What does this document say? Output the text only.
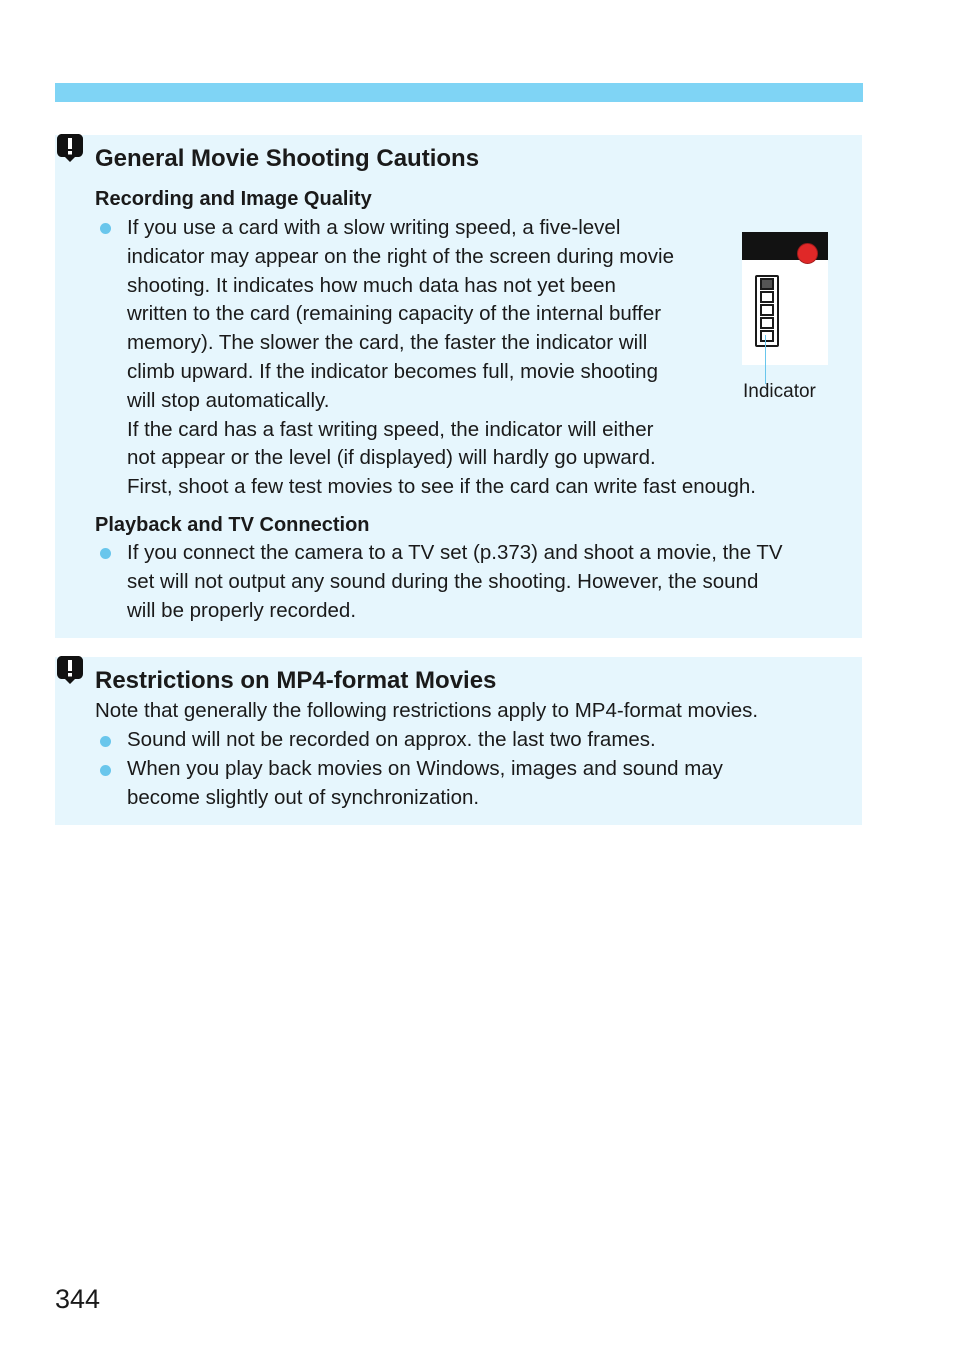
General Movie Shooting Cautions
Recording and Image Quality
If you use a card with a slow writing speed, a five-level
indicator may appear on the right of the screen during movie
shooting. It indicates how much data has not yet been
written to the card (remaining capacity of the internal buffer
memory). The slower the card, the faster the indicator will
climb upward. If the indicator becomes full, movie shooting
will stop automatically.
If the card has a fast writing speed, the indicator will either
not appear or the level (if displayed) will hardly go upward.
First, shoot a few test movies to see if the card can write fast enough.
Indicator
Playback and TV Connection
If you connect the camera to a TV set (p.373) and shoot a movie, the TV
set will not output any sound during the shooting. However, the sound
will be properly recorded.
Restrictions on MP4-format Movies
Note that generally the following restrictions apply to MP4-format movies.
Sound will not be recorded on approx. the last two frames.
When you play back movies on Windows, images and sound may
become slightly out of synchronization.
344
